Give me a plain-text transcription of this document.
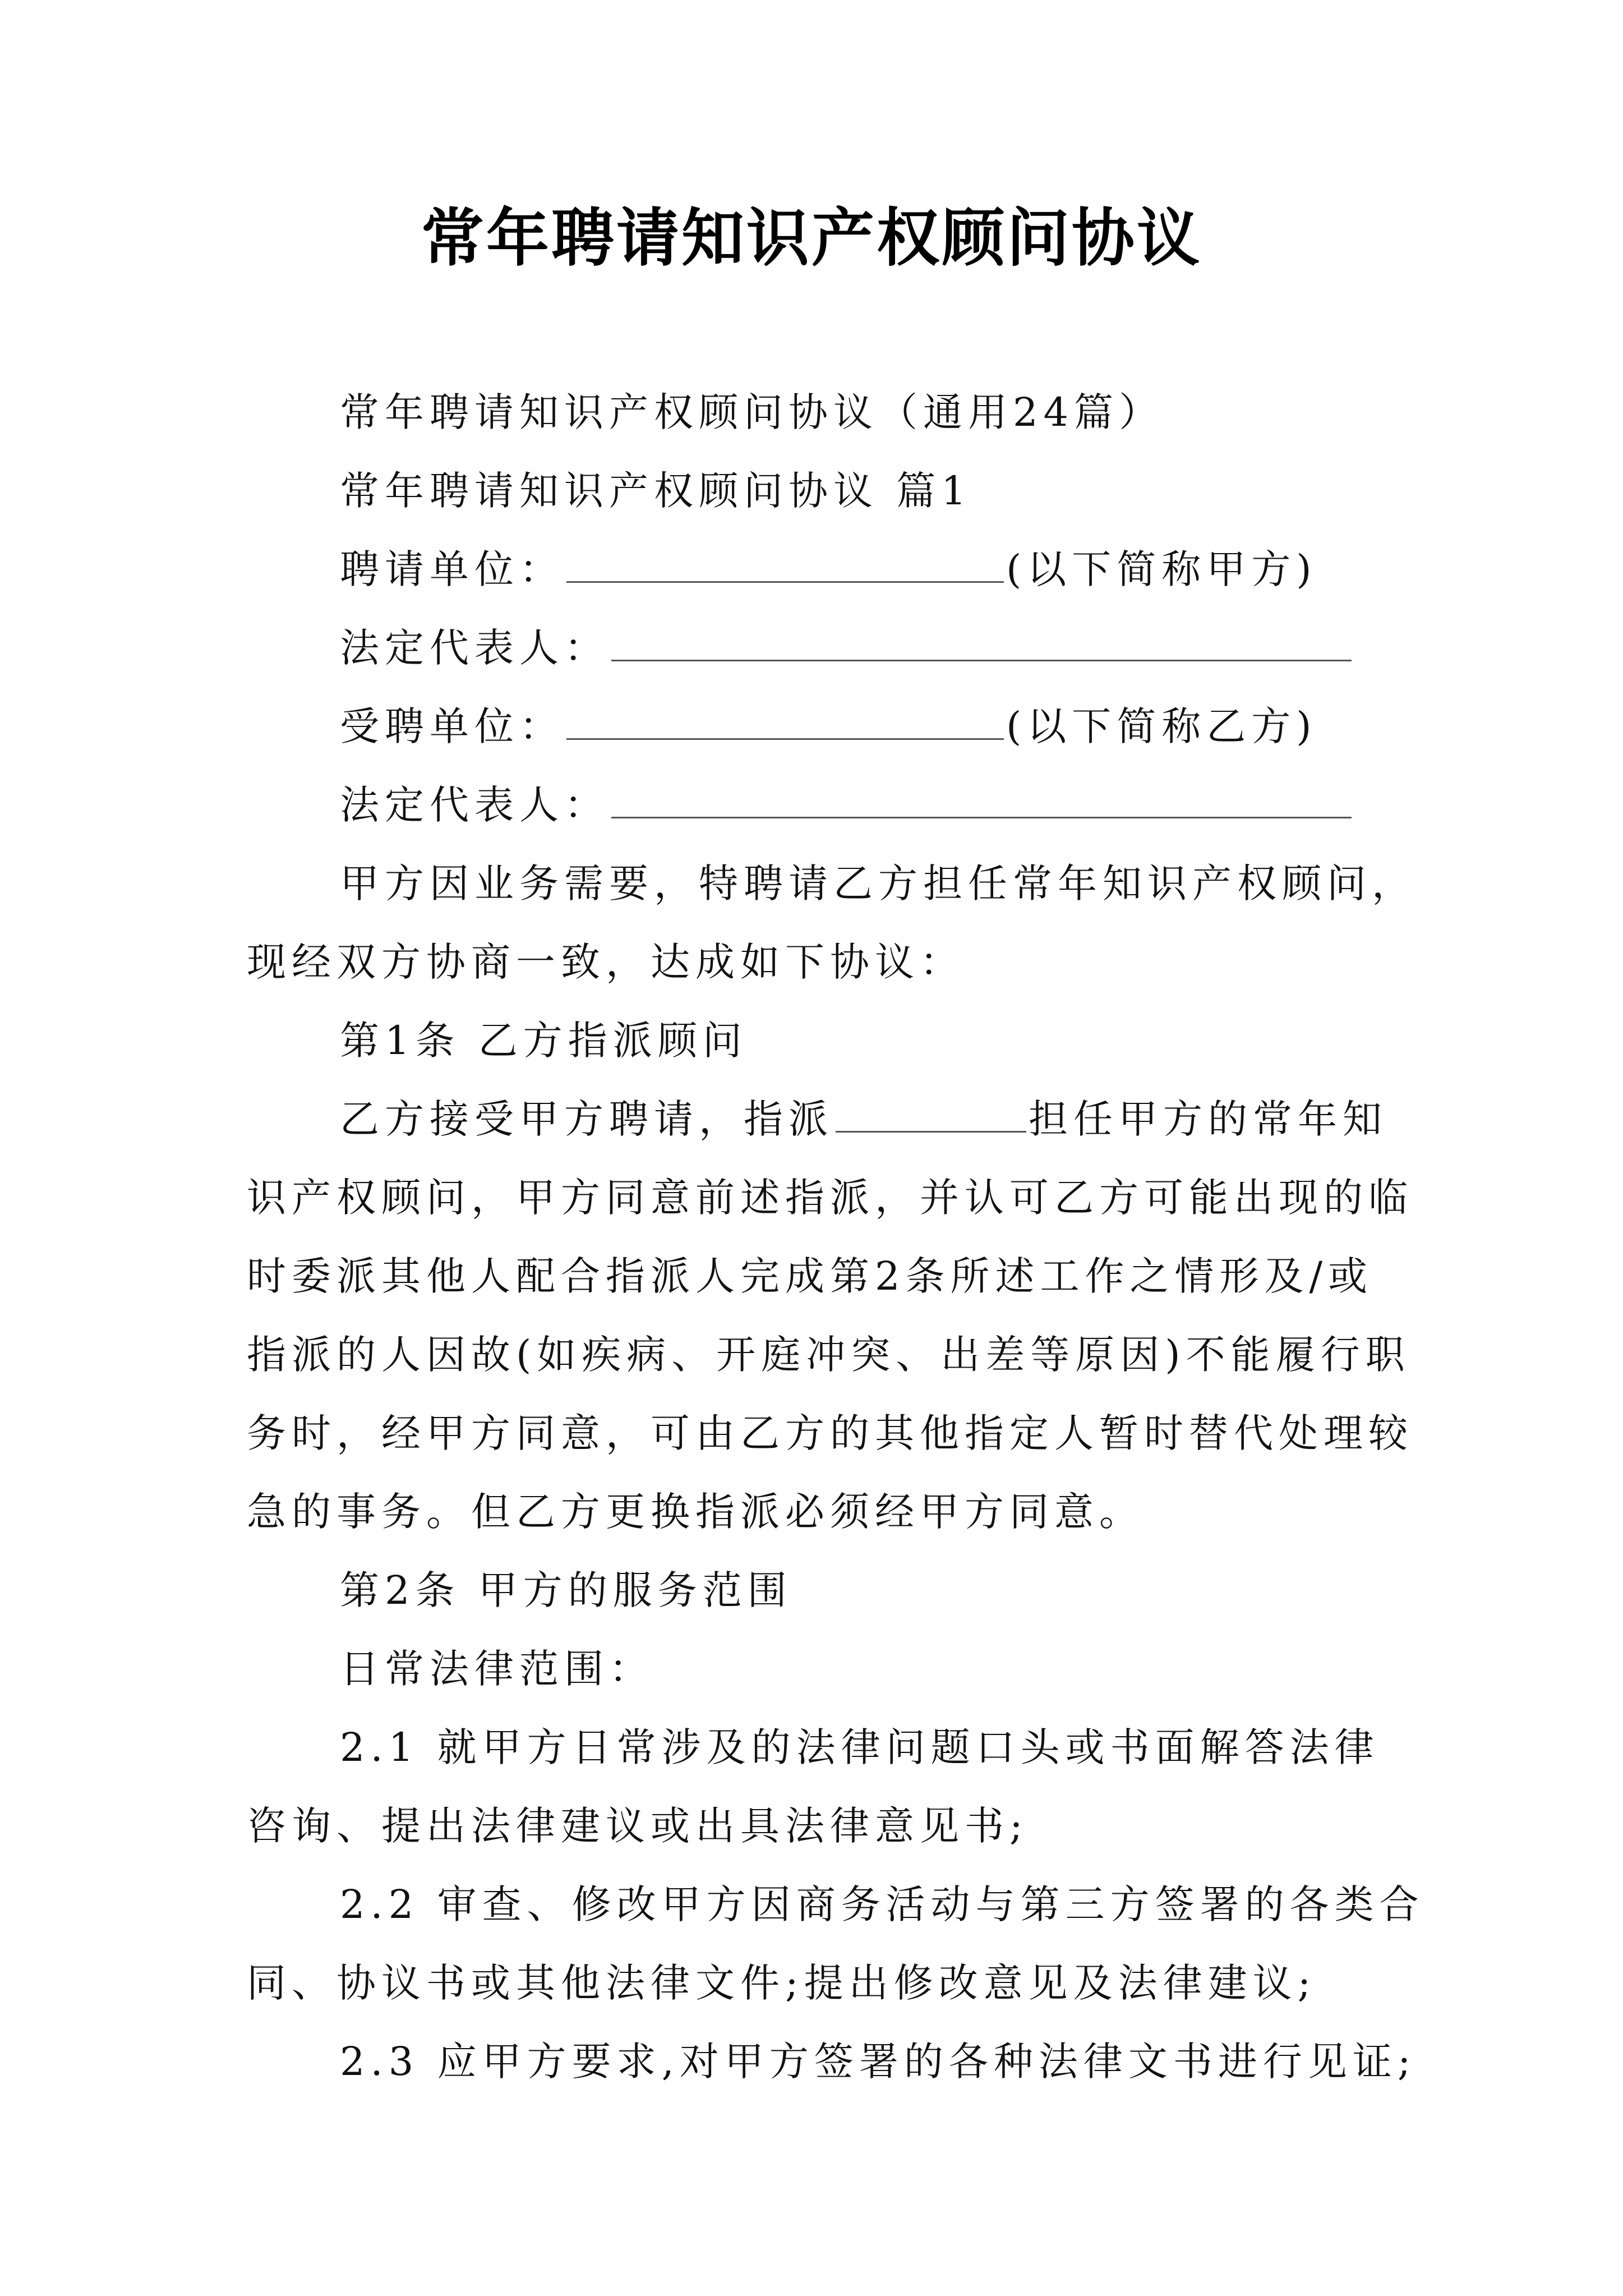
常年聘请知识产权顾问协议
常年聘请知识产权顾问协议（通用24篇）
常年聘请知识产权顾问协议 篇1
聘请单位：	(以下简称甲方)
法定代表人：
受聘单位：	(以下简称乙方)
法定代表人：
甲方因业务需要，特聘请乙方担任常年知识产权顾问，
现经双方协商一致，达成如下协议：
第1条 乙方指派顾问
乙方接受甲方聘请，指派	担任甲方的常年知
识产权顾问，甲方同意前述指派，并认可乙方可能出现的临
时委派其他人配合指派人完成第2条所述工作之情形及/或
指派的人因故(如疾病、开庭冲突、出差等原因)不能履行职
务时，经甲方同意，可由乙方的其他指定人暂时替代处理较
急的事务。但乙方更换指派必须经甲方同意。
第2条 甲方的服务范围
日常法律范围：
2.1 就甲方日常涉及的法律问题口头或书面解答法律
咨询、提出法律建议或出具法律意见书;
2.2 审查、修改甲方因商务活动与第三方签署的各类合
同、协议书或其他法律文件;提出修改意见及法律建议;
2.3 应甲方要求,对甲方签署的各种法律文书进行见证;
